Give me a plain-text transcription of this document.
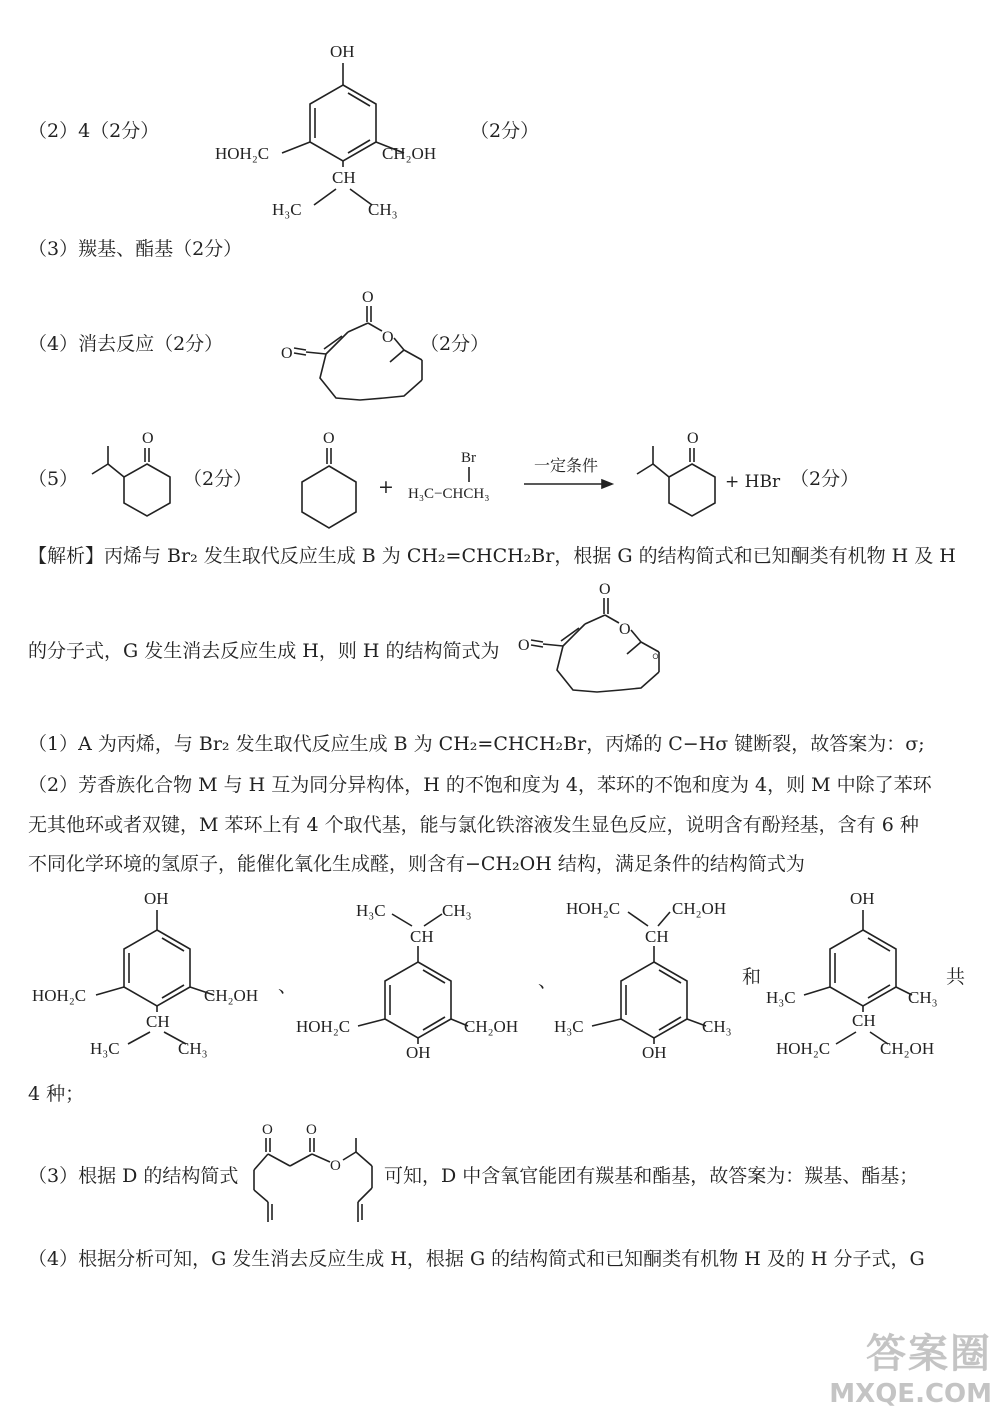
（2）4（2分）
OH
HOH₂C	CH₂OH
CH
H₃C	CH₃
（2分）
（3）羰基、酯基（2分）
（4）消去反应（2分）
O
O
O	（2分）
（5）
O
（2分）
O
+
Br
H₃C−CHCH₃
一定条件
O
+ HBr （2分）
【解析】丙烯与 Br₂ 发生取代反应生成 B 为 CH₂=CHCH₂Br，根据 G 的结构简式和已知酮类有机物 H 及 H
的分子式，G 发生消去反应生成 H，则 H 的结构简式为
O
O
O	。
（1）A 为丙烯，与 Br₂ 发生取代反应生成 B 为 CH₂=CHCH₂Br，丙烯的 C−Hσ 键断裂，故答案为：σ;
（2）芳香族化合物 M 与 H 互为同分异构体，H 的不饱和度为 4，苯环的不饱和度为 4，则 M 中除了苯环
无其他环或者双键，M 苯环上有 4 个取代基，能与氯化铁溶液发生显色反应，说明含有酚羟基，含有 6 种
不同化学环境的氢原子，能催化氧化生成醛，则含有−CH₂OH 结构，满足条件的结构简式为
OH
HOH₂C	CH₂OH
CH
H₃C	CH₃
、
H₃C	CH₃
CH
HOH₂C	CH₂OH
OH
、
HOH₂C	CH₂OH
CH
H₃C	CH₃
OH
和
OH
H₃C	CH₃
CH
HOH₂C	CH₂OH
共
4 种；
（3）根据 D 的结构简式
O O
O 可知，D 中含氧官能团有羰基和酯基，故答案为：羰基、酯基；
（4）根据分析可知，G 发生消去反应生成 H，根据 G 的结构简式和已知酮类有机物 H 及的 H 分子式，G
答案圈
MXQE.COM
